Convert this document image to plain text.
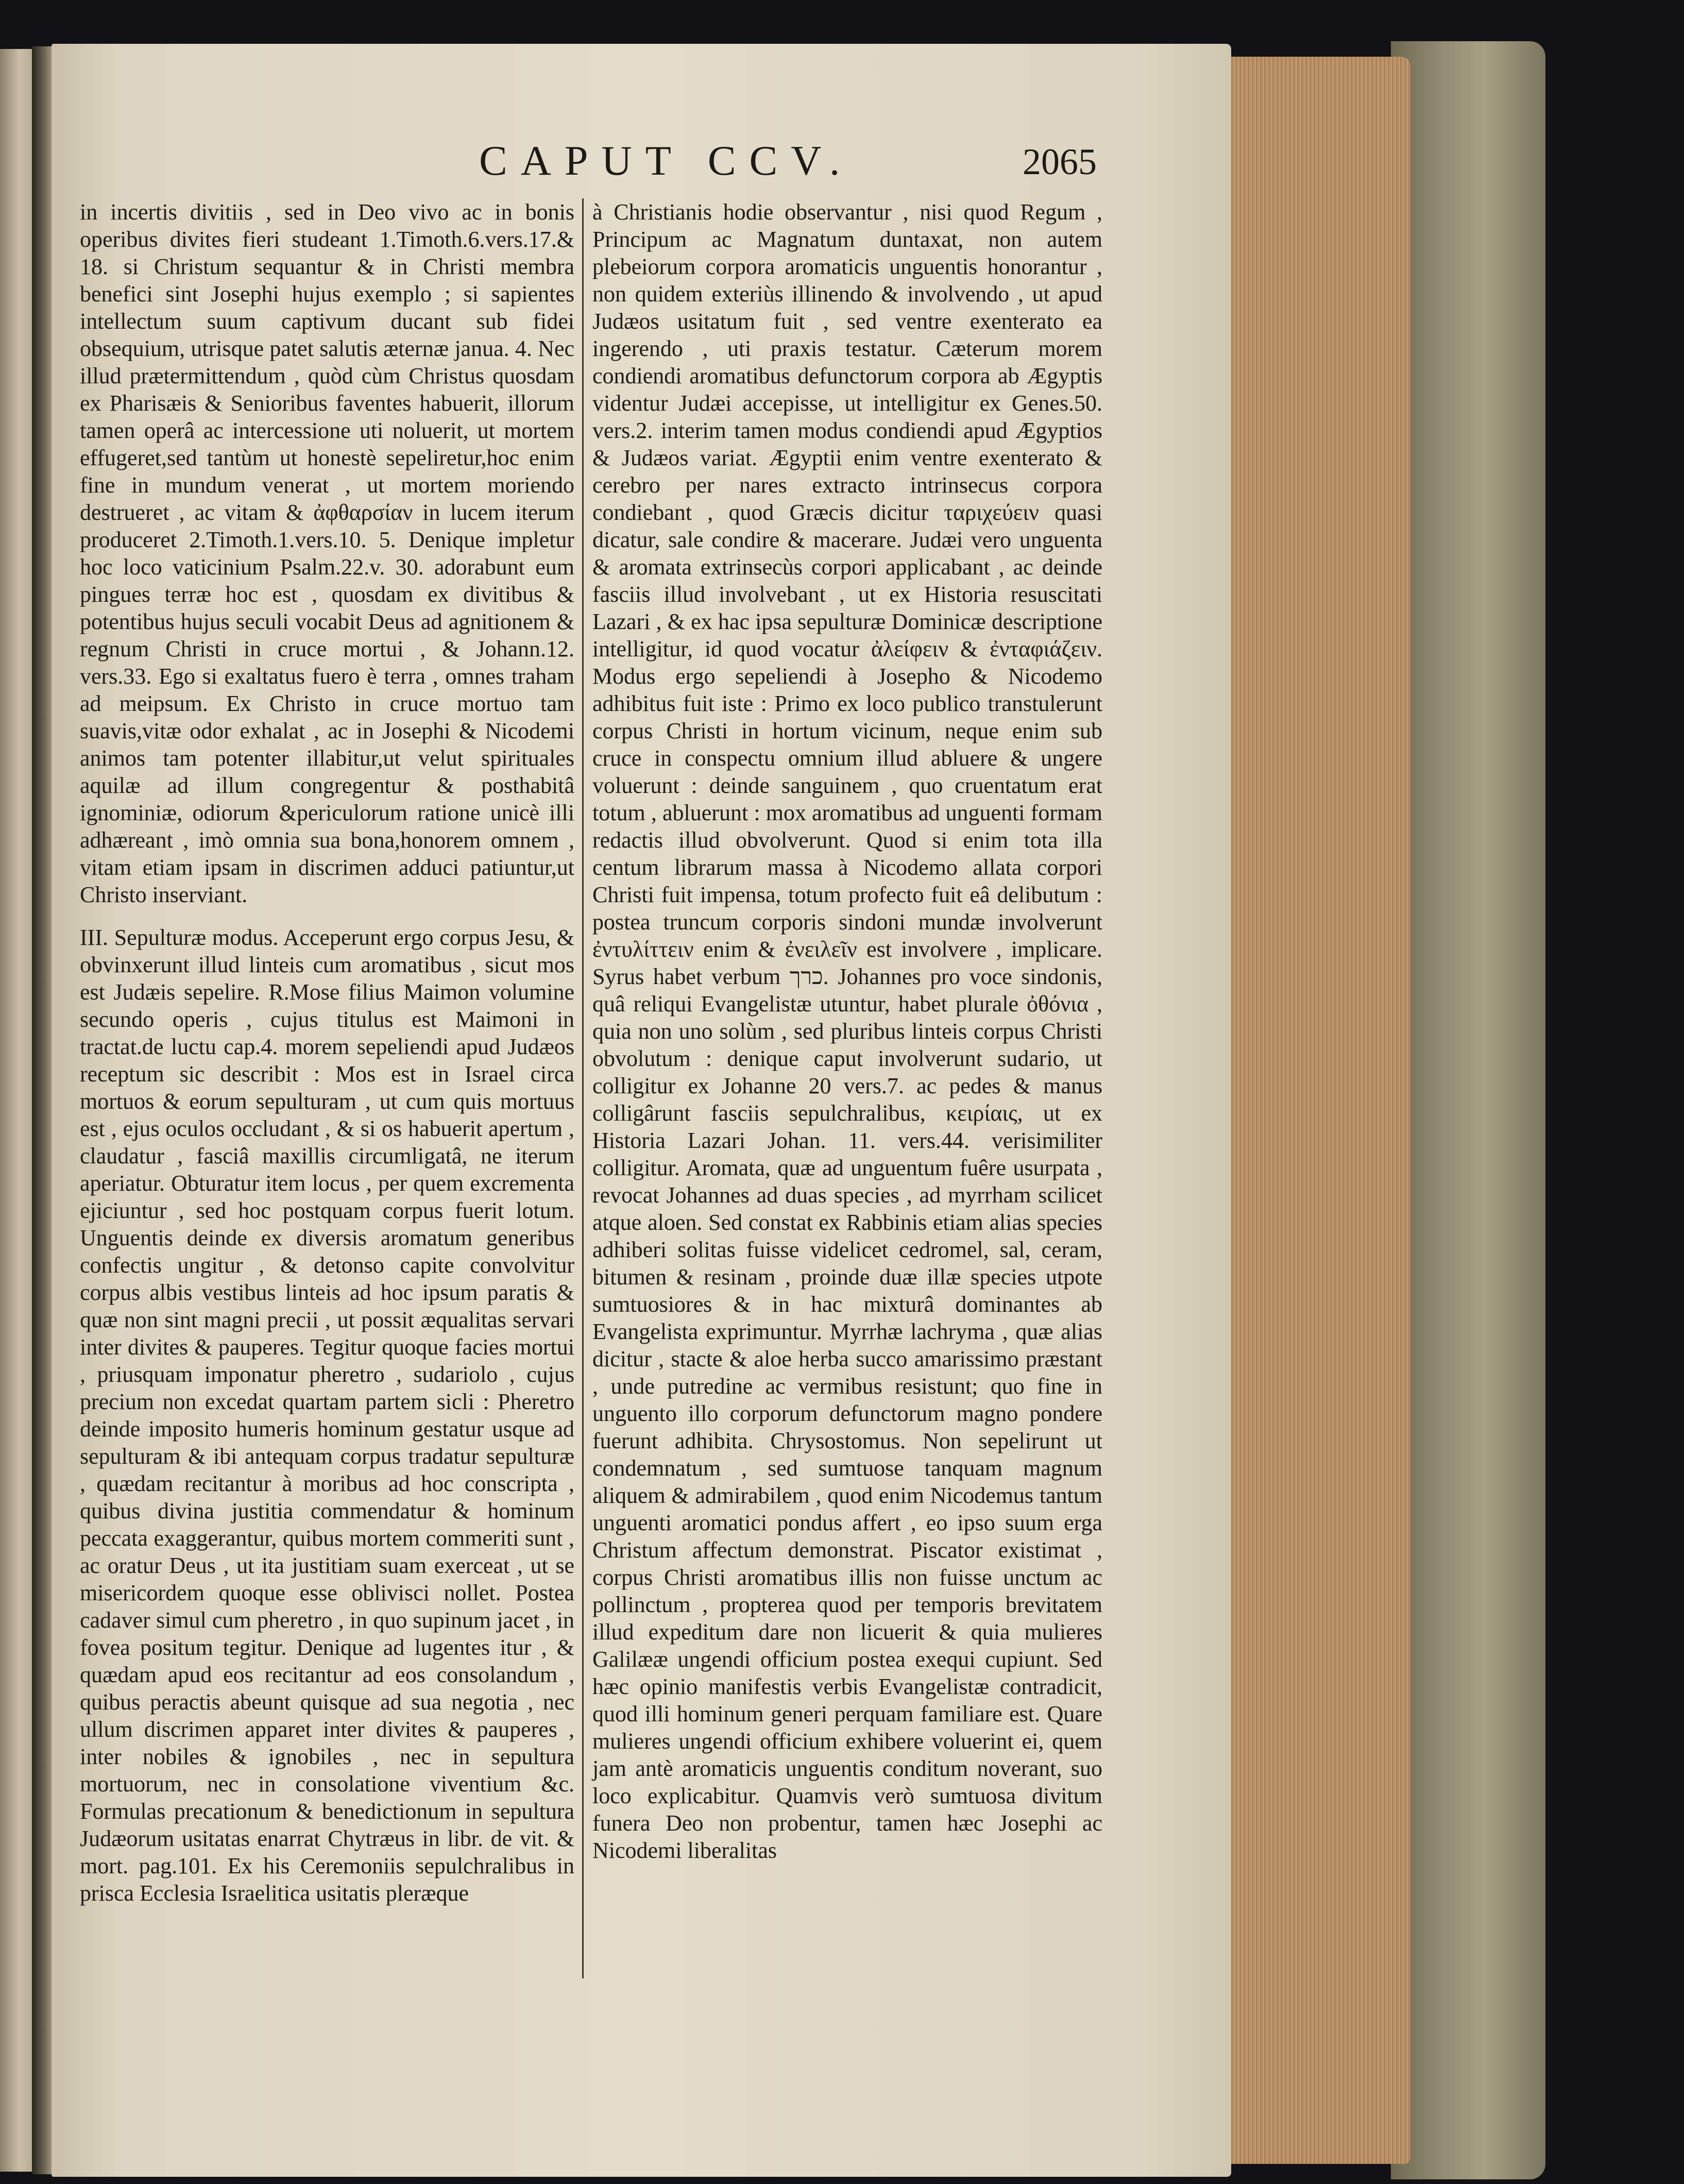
CAPUT CCV.	2065

in incertis divitiis , sed in Deo vivo ac in bonis operibus divites fieri studeant 1.Timoth.6.vers.17.& 18. si Christum sequantur & in Christi membra benefici sint Josephi hujus exemplo ; si sapientes intellectum suum captivum ducant sub fidei obsequium, utrisque patet salutis æternæ janua. 4. Nec illud prætermittendum , quòd cùm Christus quosdam ex Pharisæis & Senioribus faventes habuerit, illorum tamen operâ ac intercessione uti noluerit, ut mortem effugeret,sed tantùm ut honestè sepeliretur,hoc enim fine in mundum venerat , ut mortem moriendo destrueret , ac vitam & ἀφθαρσίαν in lucem iterum produceret 2.Timoth.1.vers.10. 5. Denique impletur hoc loco vaticinium Psalm.22.v. 30. adorabunt eum pingues terræ hoc est , quosdam ex divitibus & potentibus hujus seculi vocabit Deus ad agnitionem & regnum Christi in cruce mortui , & Johann.12. vers.33. Ego si exaltatus fuero è terra , omnes traham ad meipsum. Ex Christo in cruce mortuo tam suavis,vitæ odor exhalat , ac in Josephi & Nicodemi animos tam potenter illabitur,ut velut spirituales aquilæ ad illum congregentur & posthabitâ ignominiæ, odiorum &periculorum ratione unicè illi adhæreant , imò omnia sua bona,honorem omnem , vitam etiam ipsam in discrimen adduci patiuntur,ut Christo inserviant.

III. Sepulturæ modus. Acceperunt ergo corpus Jesu, & obvinxerunt illud linteis cum aromatibus , sicut mos est Judæis sepelire. R.Mose filius Maimon volumine secundo operis , cujus titulus est Maimoni in tractat.de luctu cap.4. morem sepeliendi apud Judæos receptum sic describit : Mos est in Israel circa mortuos & eorum sepulturam , ut cum quis mortuus est , ejus oculos occludant , & si os habuerit apertum , claudatur , fasciâ maxillis circumligatâ, ne iterum aperiatur. Obturatur item locus , per quem excrementa ejiciuntur , sed hoc postquam corpus fuerit lotum. Unguentis deinde ex diversis aromatum generibus confectis ungitur , & detonso capite convolvitur corpus albis vestibus linteis ad hoc ipsum paratis & quæ non sint magni precii , ut possit æqualitas servari inter divites & pauperes. Tegitur quoque facies mortui , priusquam imponatur pheretro , sudariolo , cujus precium non excedat quartam partem sicli : Pheretro deinde imposito humeris hominum gestatur usque ad sepulturam & ibi antequam corpus tradatur sepulturæ , quædam recitantur à moribus ad hoc conscripta , quibus divina justitia commendatur & hominum peccata exaggerantur, quibus mortem commeriti sunt , ac oratur Deus , ut ita justitiam suam exerceat , ut se misericordem quoque esse oblivisci nollet. Postea cadaver simul cum pheretro , in quo supinum jacet , in fovea positum tegitur. Denique ad lugentes itur , & quædam apud eos recitantur ad eos consolandum , quibus peractis abeunt quisque ad sua negotia , nec ullum discrimen apparet inter divites & pauperes , inter nobiles & ignobiles , nec in sepultura mortuorum, nec in consolatione viventium &c. Formulas precationum & benedictionum in sepultura Judæorum usitatas enarrat Chytræus in libr. de vit. & mort. pag.101. Ex his Ceremoniis sepulchralibus in prisca Ecclesia Israelitica usitatis pleræque

à Christianis hodie observantur , nisi quod Regum , Principum ac Magnatum duntaxat, non autem plebeiorum corpora aromaticis unguentis honorantur , non quidem exteriùs illinendo & involvendo , ut apud Judæos usitatum fuit , sed ventre exenterato ea ingerendo , uti praxis testatur. Cæterum morem condiendi aromatibus defunctorum corpora ab Ægyptis videntur Judæi accepisse, ut intelligitur ex Genes.50. vers.2. interim tamen modus condiendi apud Ægyptios & Judæos variat. Ægyptii enim ventre exenterato & cerebro per nares extracto intrinsecus corpora condiebant , quod Græcis dicitur ταριχεύειν quasi dicatur, sale condire & macerare. Judæi vero unguenta & aromata extrinsecùs corpori applicabant , ac deinde fasciis illud involvebant , ut ex Historia resuscitati Lazari , & ex hac ipsa sepulturæ Dominicæ descriptione intelligitur, id quod vocatur ἀλείφειν & ἐνταφιάζειν. Modus ergo sepeliendi à Josepho & Nicodemo adhibitus fuit iste : Primo ex loco publico transtulerunt corpus Christi in hortum vicinum, neque enim sub cruce in conspectu omnium illud abluere & ungere voluerunt : deinde sanguinem , quo cruentatum erat totum , abluerunt : mox aromatibus ad unguenti formam redactis illud obvolverunt. Quod si enim tota illa centum librarum massa à Nicodemo allata corpori Christi fuit impensa, totum profecto fuit eâ delibutum : postea truncum corporis sindoni mundæ involverunt ἐντυλίττειν enim & ἐνειλεῖν est involvere , implicare. Syrus habet verbum כרך. Johannes pro voce sindonis, quâ reliqui Evangelistæ utuntur, habet plurale ὀθόνια , quia non uno solùm , sed pluribus linteis corpus Christi obvolutum : denique caput involverunt sudario, ut colligitur ex Johanne 20 vers.7. ac pedes & manus colligârunt fasciis sepulchralibus, κειρίαις, ut ex Historia Lazari Johan. 11. vers.44. verisimiliter colligitur. Aromata, quæ ad unguentum fuêre usurpata , revocat Johannes ad duas species , ad myrrham scilicet atque aloen. Sed constat ex Rabbinis etiam alias species adhiberi solitas fuisse videlicet cedromel, sal, ceram, bitumen & resinam , proinde duæ illæ species utpote sumtuosiores & in hac mixturâ dominantes ab Evangelista exprimuntur. Myrrhæ lachryma , quæ alias dicitur , stacte & aloe herba succo amarissimo præstant , unde putredine ac vermibus resistunt; quo fine in unguento illo corporum defunctorum magno pondere fuerunt adhibita. Chrysostomus. Non sepelirunt ut condemnatum , sed sumtuose tanquam magnum aliquem & admirabilem , quod enim Nicodemus tantum unguenti aromatici pondus affert , eo ipso suum erga Christum affectum demonstrat. Piscator existimat , corpus Christi aromatibus illis non fuisse unctum ac pollinctum , propterea quod per temporis brevitatem illud expeditum dare non licuerit & quia mulieres Galilææ ungendi officium postea exequi cupiunt. Sed hæc opinio manifestis verbis Evangelistæ contradicit, quod illi hominum generi perquam familiare est. Quare mulieres ungendi officium exhibere voluerint ei, quem jam antè aromaticis unguentis conditum noverant, suo loco explicabitur. Quamvis verò sumtuosa divitum funera Deo non probentur, tamen hæc Josephi ac Nicodemi liberalitas
